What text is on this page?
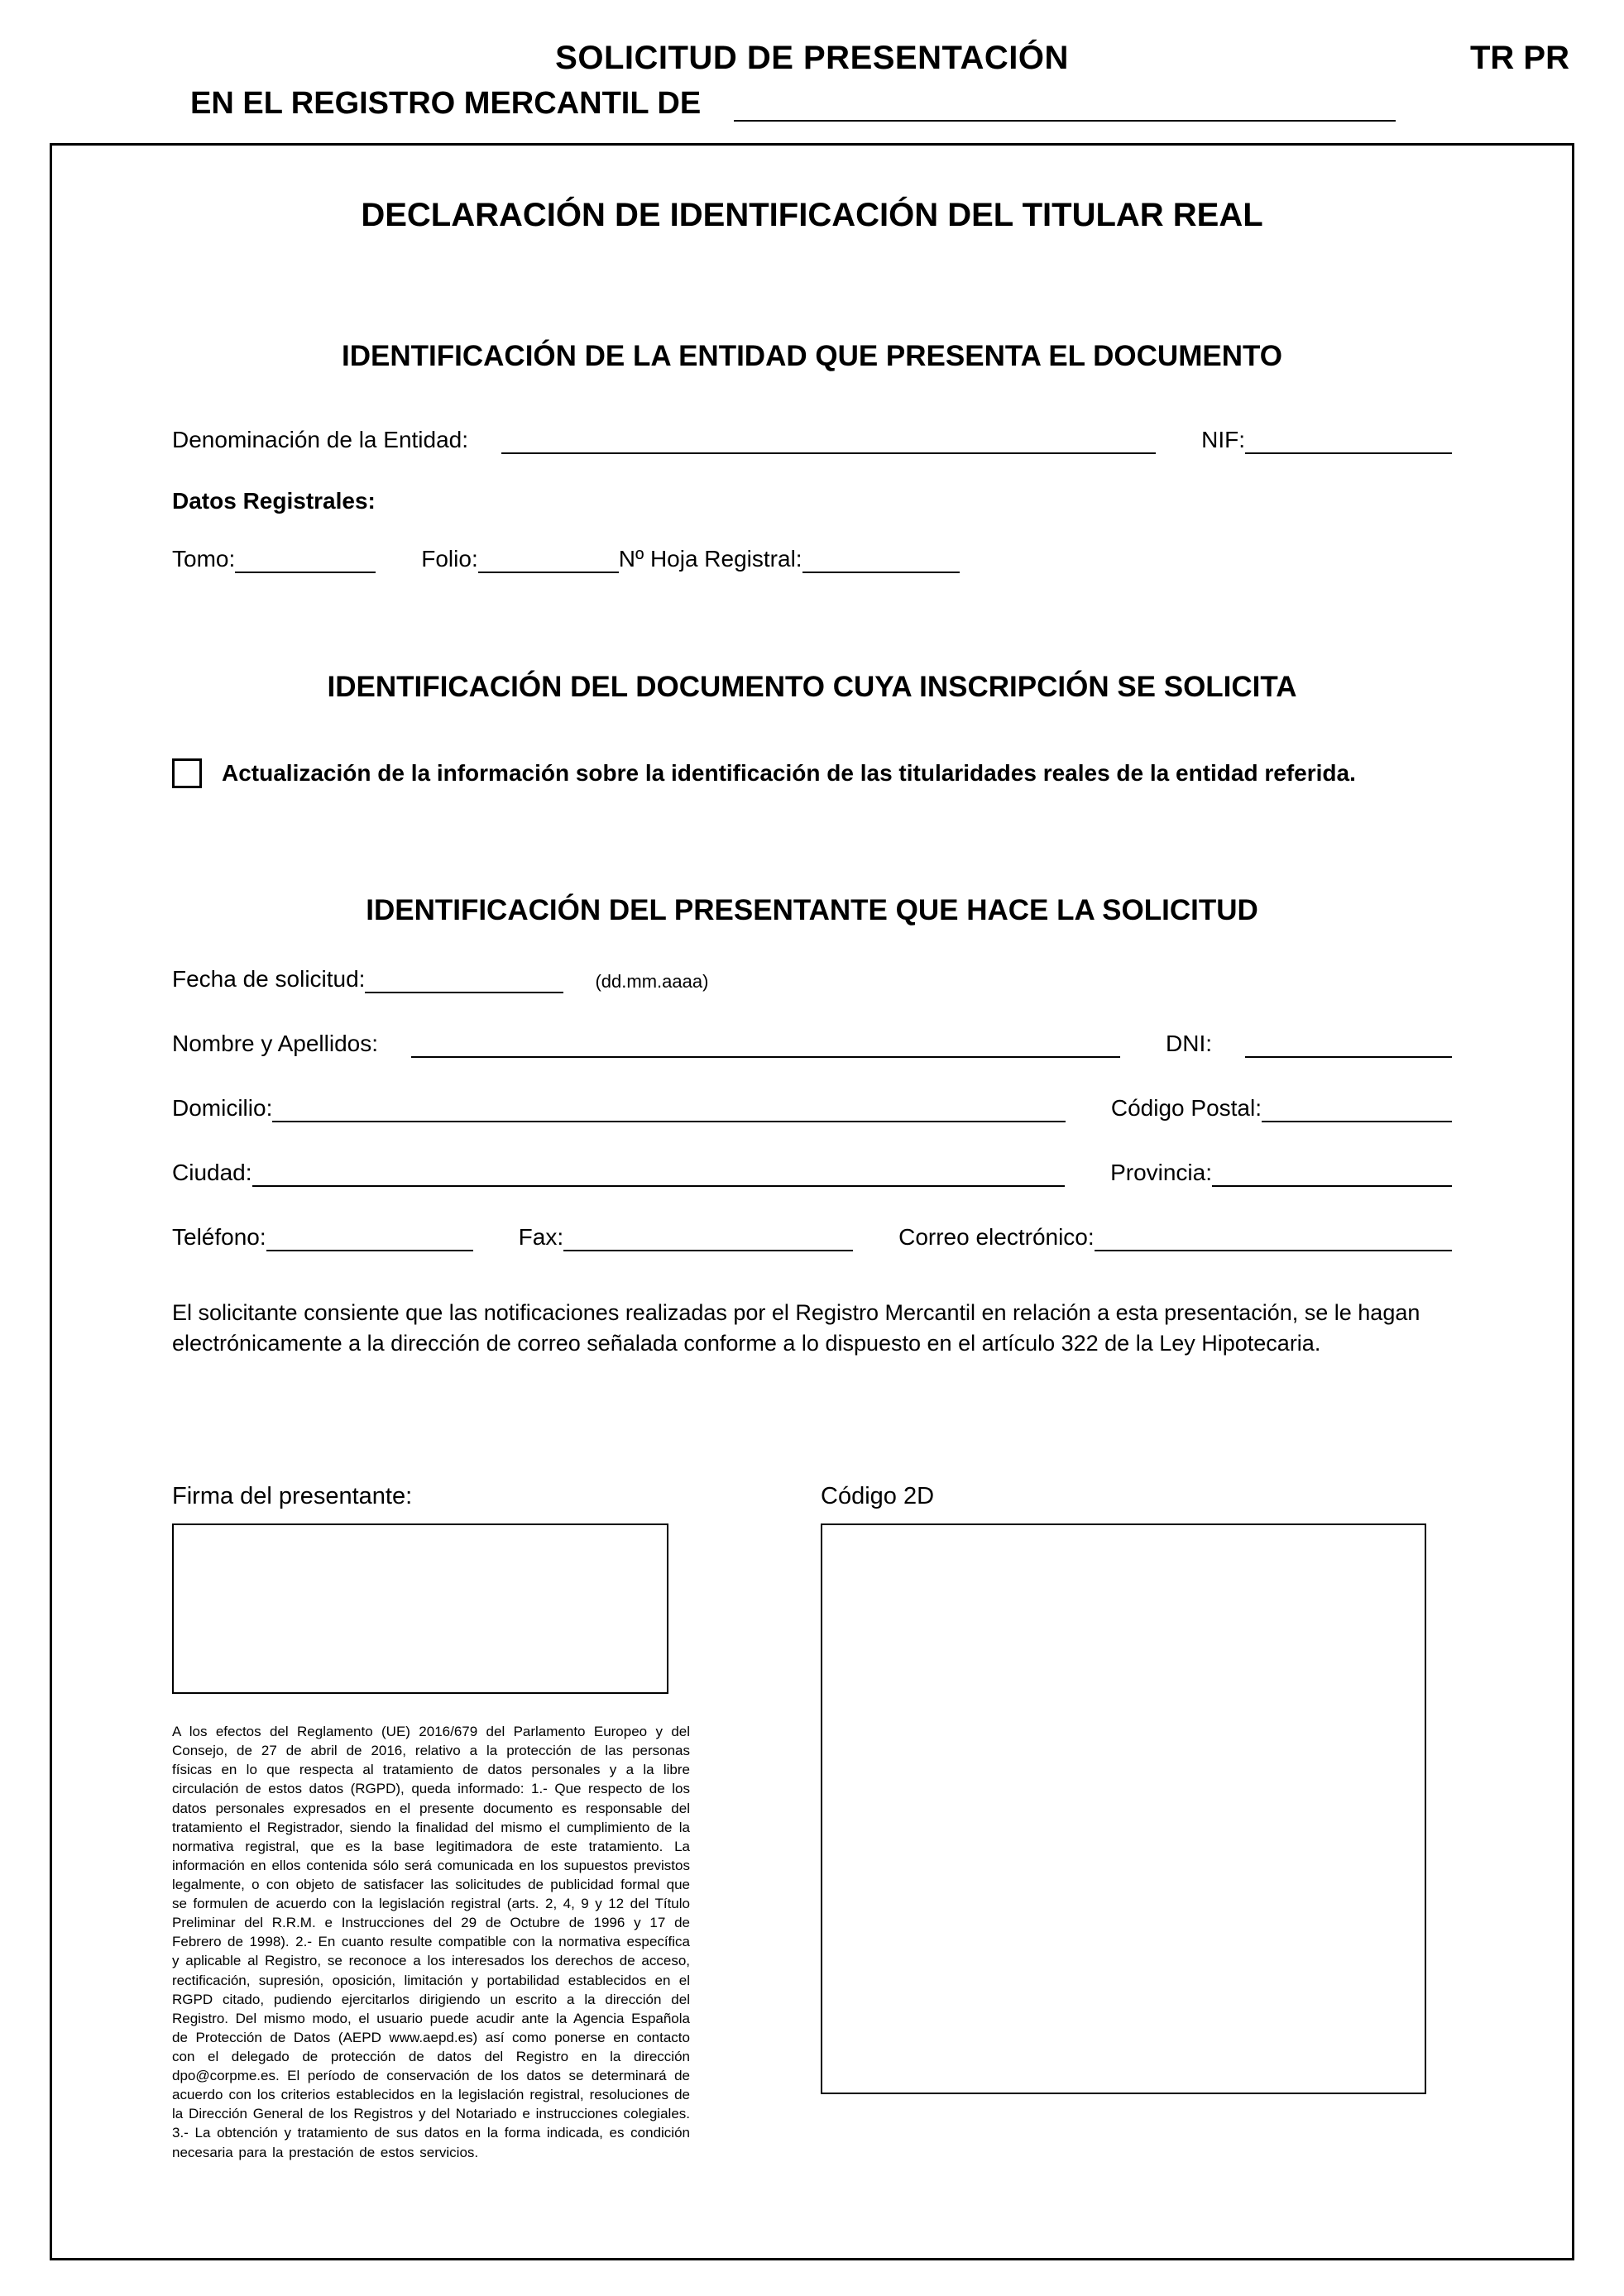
SOLICITUD DE PRESENTACIÓN	TR PR
EN EL REGISTRO MERCANTIL DE
DECLARACIÓN DE IDENTIFICACIÓN DEL TITULAR REAL
IDENTIFICACIÓN DE LA ENTIDAD QUE PRESENTA EL DOCUMENTO
Denominación de la Entidad:	NIF:
Datos Registrales:
Tomo:	Folio:	Nº Hoja Registral:
IDENTIFICACIÓN DEL DOCUMENTO CUYA INSCRIPCIÓN SE SOLICITA
Actualización de la información sobre la identificación de las titularidades reales de la entidad referida.
IDENTIFICACIÓN DEL PRESENTANTE QUE HACE LA SOLICITUD
Fecha de solicitud:	(dd.mm.aaaa)
Nombre y Apellidos:	DNI:
Domicilio:	Código Postal:
Ciudad:	Provincia:
Teléfono:	Fax:	Correo electrónico:
El solicitante consiente que las notificaciones realizadas por el Registro Mercantil en relación a esta presentación, se le hagan electrónicamente a la dirección de correo señalada conforme a lo dispuesto en el artículo 322 de la Ley Hipotecaria.
Firma del presentante:
A los efectos del Reglamento (UE) 2016/679 del Parlamento Europeo y del Consejo, de 27 de abril de 2016, relativo a la protección de las personas físicas en lo que respecta al tratamiento de datos personales y a la libre circulación de estos datos (RGPD), queda informado: 1.- Que respecto de los datos personales expresados en el presente documento es responsable del tratamiento el Registrador, siendo la finalidad del mismo el cumplimiento de la normativa registral, que es la base legitimadora de este tratamiento. La información en ellos contenida sólo será comunicada en los supuestos previstos legalmente, o con objeto de satisfacer las solicitudes de publicidad formal que se formulen de acuerdo con la legislación registral (arts. 2, 4, 9 y 12 del Título Preliminar del R.R.M. e Instrucciones del 29 de Octubre de 1996 y 17 de Febrero de 1998). 2.- En cuanto resulte compatible con la normativa específica y aplicable al Registro, se reconoce a los interesados los derechos de acceso, rectificación, supresión, oposición, limitación y portabilidad establecidos en el RGPD citado, pudiendo ejercitarlos dirigiendo un escrito a la dirección del Registro. Del mismo modo, el usuario puede acudir ante la Agencia Española de Protección de Datos (AEPD www.aepd.es) así como ponerse en contacto con el delegado de protección de datos del Registro en la dirección dpo@corpme.es. El período de conservación de los datos se determinará de acuerdo con los criterios establecidos en la legislación registral, resoluciones de la Dirección General de los Registros y del Notariado e instrucciones colegiales. 3.- La obtención y tratamiento de sus datos en la forma indicada, es condición necesaria para la prestación de estos servicios.
Código 2D
